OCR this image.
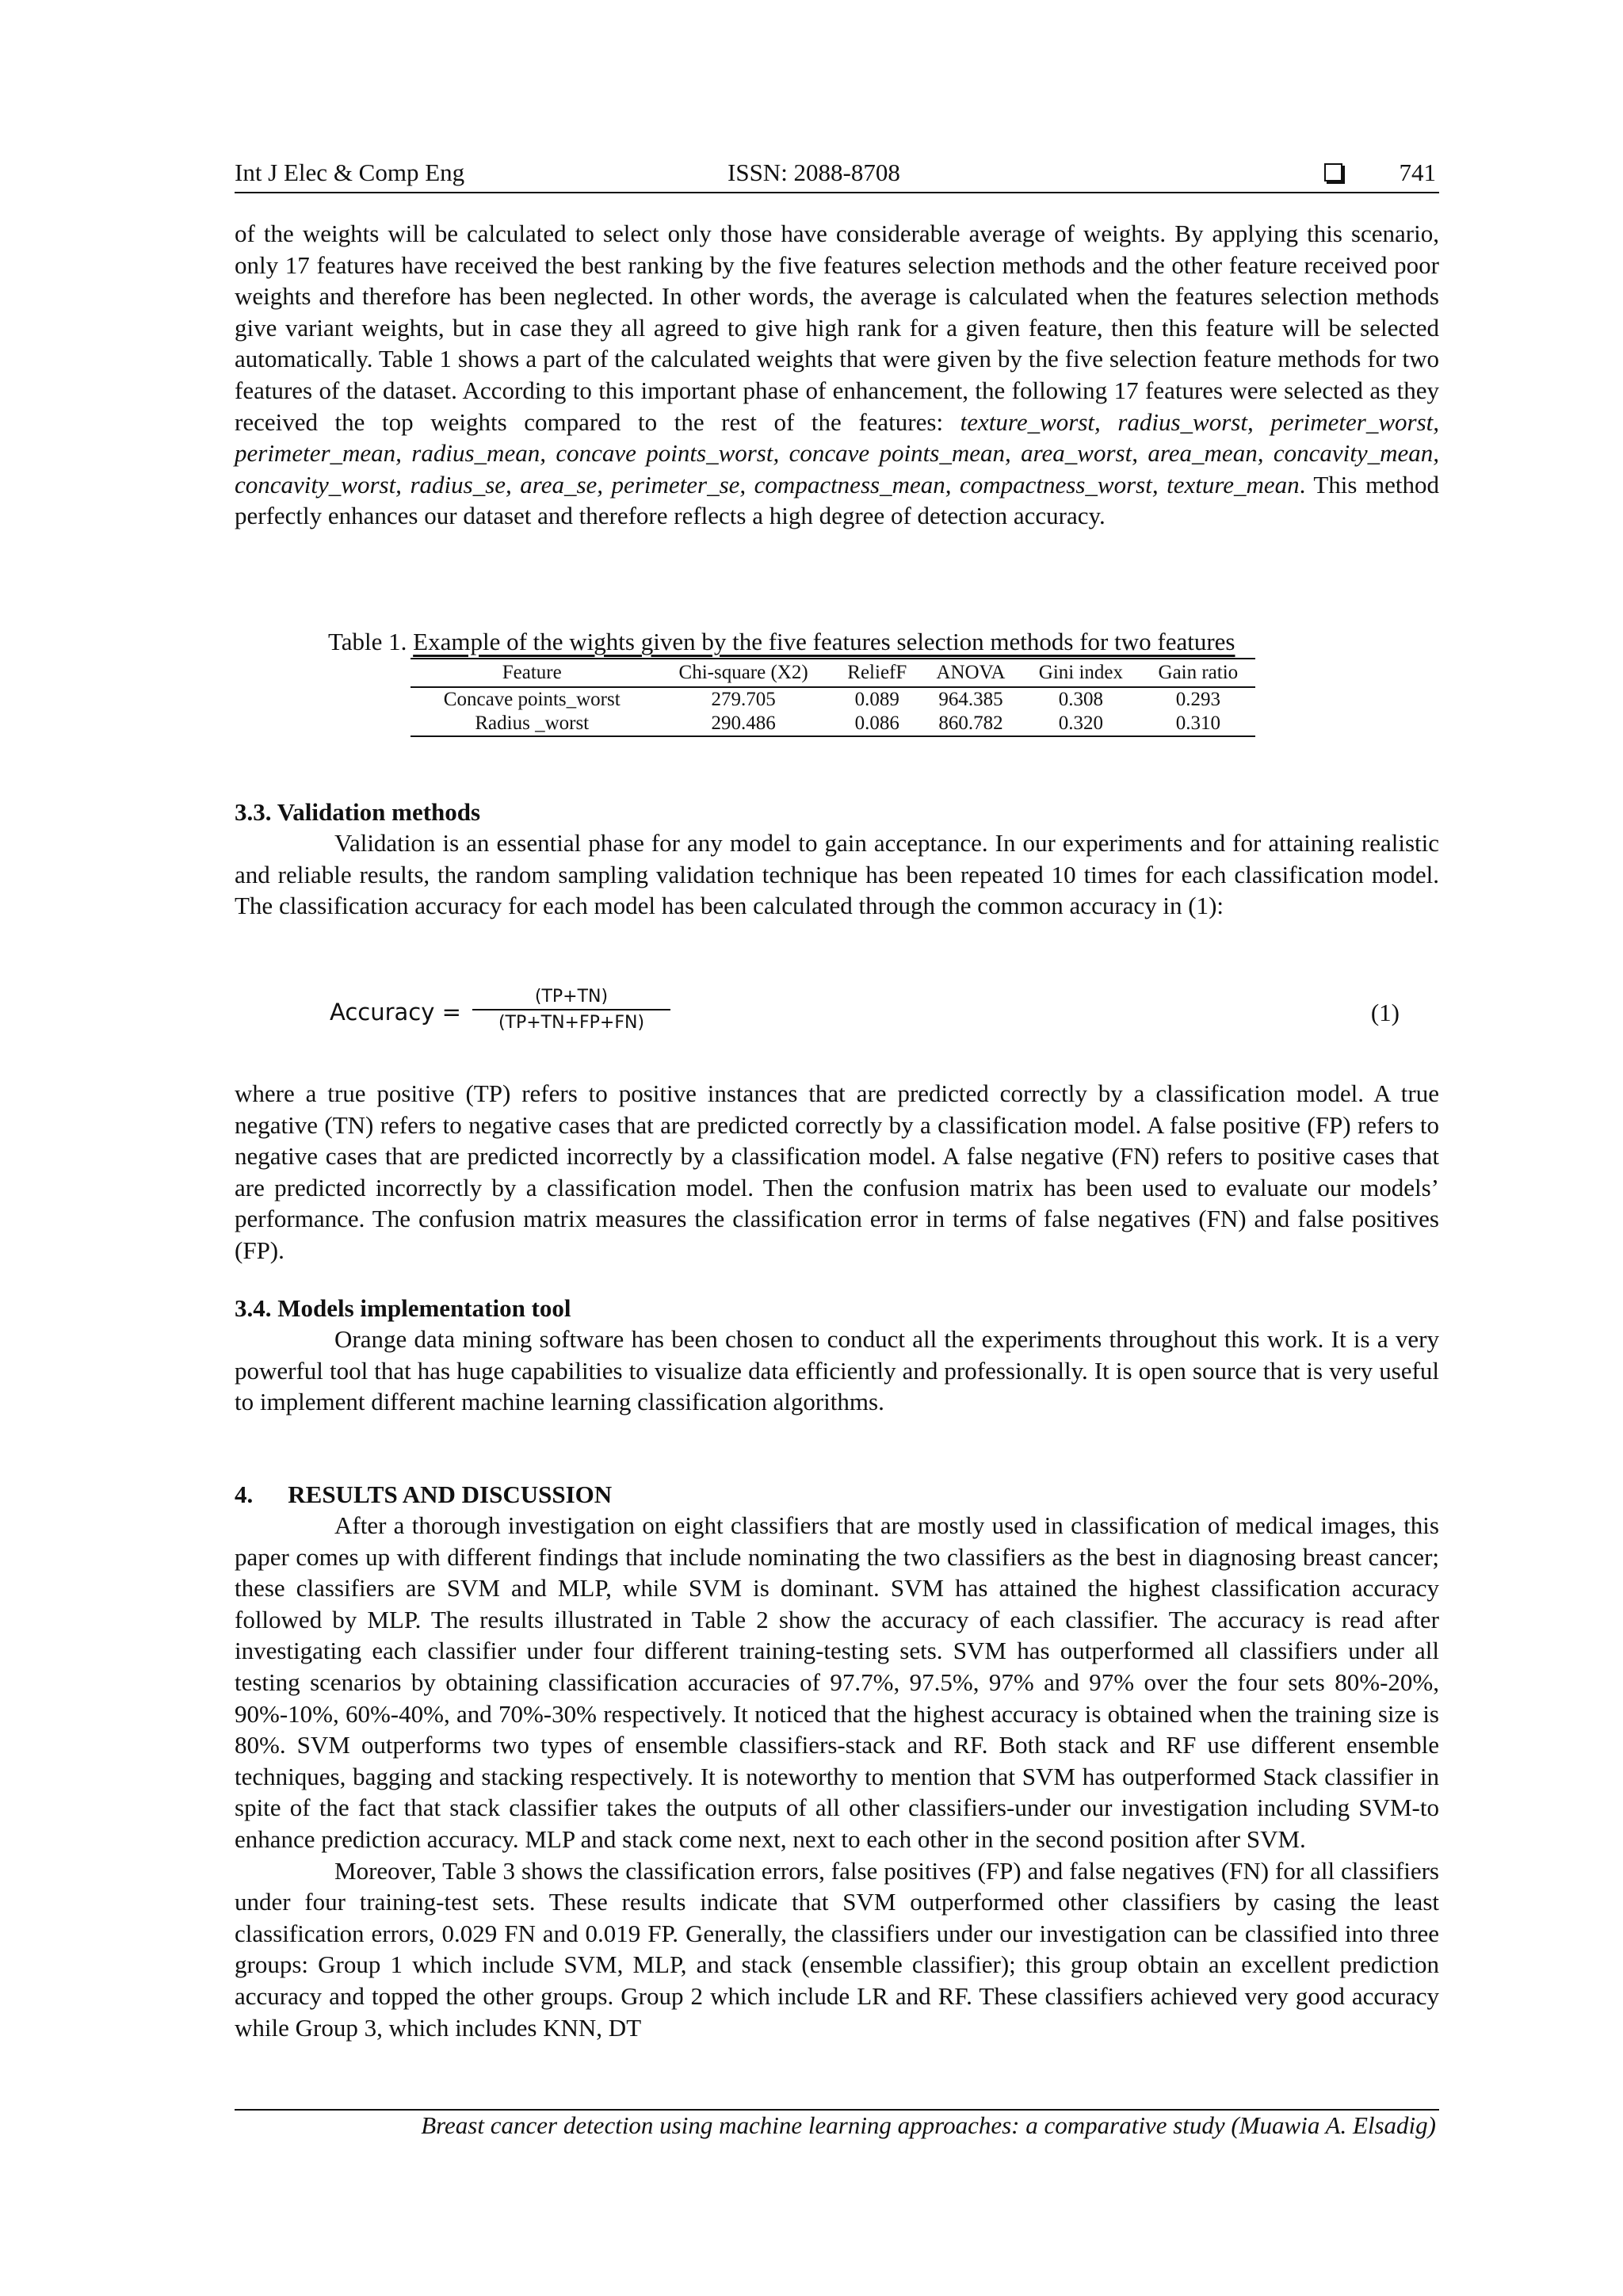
Int J Elec & Comp Eng	ISSN: 2088-8708	741

of the weights will be calculated to select only those have considerable average of weights. By applying this scenario, only 17 features have received the best ranking by the five features selection methods and the other feature received poor weights and therefore has been neglected. In other words, the average is calculated when the features selection methods give variant weights, but in case they all agreed to give high rank for a given feature, then this feature will be selected automatically. Table 1 shows a part of the calculated weights that were given by the five selection feature methods for two features of the dataset. According to this important phase of enhancement, the following 17 features were selected as they received the top weights compared to the rest of the features: texture_worst, radius_worst, perimeter_worst, perimeter_mean, radius_mean, concave points_worst, concave points_mean, area_worst, area_mean, concavity_mean, concavity_worst, radius_se, area_se, perimeter_se, compactness_mean, compactness_worst, texture_mean. This method perfectly enhances our dataset and therefore reflects a high degree of detection accuracy.

Table 1. Example of the wights given by the five features selection methods for two features
Feature	Chi-square (X2)	ReliefF	ANOVA	Gini index	Gain ratio
Concave points_worst	279.705	0.089	964.385	0.308	0.293
Radius _worst	290.486	0.086	860.782	0.320	0.310
3.3. Validation methods

Validation is an essential phase for any model to gain acceptance. In our experiments and for attaining realistic and reliable results, the random sampling validation technique has been repeated 10 times for each classification model. The classification accuracy for each model has been calculated through the common accuracy in (1):

Accuracy = $\frac{(TP+TN)}{(TP+TN+FP+FN)}$	(1)

where a true positive (TP) refers to positive instances that are predicted correctly by a classification model. A true negative (TN) refers to negative cases that are predicted correctly by a classification model. A false positive (FP) refers to negative cases that are predicted incorrectly by a classification model. A false negative (FN) refers to positive cases that are predicted incorrectly by a classification model. Then the confusion matrix has been used to evaluate our models’ performance. The confusion matrix measures the classification error in terms of false negatives (FN) and false positives (FP).

3.4. Models implementation tool

Orange data mining software has been chosen to conduct all the experiments throughout this work. It is a very powerful tool that has huge capabilities to visualize data efficiently and professionally. It is open source that is very useful to implement different machine learning classification algorithms.

4. RESULTS AND DISCUSSION

After a thorough investigation on eight classifiers that are mostly used in classification of medical images, this paper comes up with different findings that include nominating the two classifiers as the best in diagnosing breast cancer; these classifiers are SVM and MLP, while SVM is dominant. SVM has attained the highest classification accuracy followed by MLP. The results illustrated in Table 2 show the accuracy of each classifier. The accuracy is read after investigating each classifier under four different training-testing sets. SVM has outperformed all classifiers under all testing scenarios by obtaining classification accuracies of 97.7%, 97.5%, 97% and 97% over the four sets 80%-20%, 90%-10%, 60%-40%, and 70%-30% respectively. It noticed that the highest accuracy is obtained when the training size is 80%. SVM outperforms two types of ensemble classifiers-stack and RF. Both stack and RF use different ensemble techniques, bagging and stacking respectively. It is noteworthy to mention that SVM has outperformed Stack classifier in spite of the fact that stack classifier takes the outputs of all other classifiers-under our investigation including SVM-to enhance prediction accuracy. MLP and stack come next, next to each other in the second position after SVM.

Moreover, Table 3 shows the classification errors, false positives (FP) and false negatives (FN) for all classifiers under four training-test sets. These results indicate that SVM outperformed other classifiers by casing the least classification errors, 0.029 FN and 0.019 FP. Generally, the classifiers under our investigation can be classified into three groups: Group 1 which include SVM, MLP, and stack (ensemble classifier); this group obtain an excellent prediction accuracy and topped the other groups. Group 2 which include LR and RF. These classifiers achieved very good accuracy while Group 3, which includes KNN, DT

Breast cancer detection using machine learning approaches: a comparative study (Muawia A. Elsadig)
